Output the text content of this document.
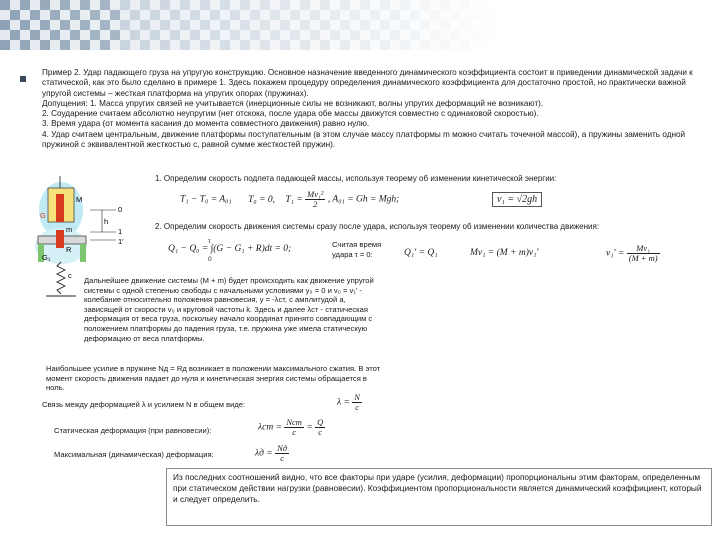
Пример 2. Удар падающего груза на упругую конструкцию. Основное назначение введенного динамического коэффициента состоит в приведении динамической задачи к статической, как это было сделано в примере 1. Здесь покажем процедуру определения динамического коэффициента для достаточно простой, но практически важной упругой системы – жесткая платформа на упругих опорах (пружинах).

Допущения: 1. Масса упругих связей не учитывается (инерционные силы не возникают, волны упругих деформаций не возникают).

2. Соударение считаем абсолютно неупругим (нет отскока, после удара обе массы движутся совместно с одинаковой скоростью).

3. Время удара (от момента касания до момента совместного движения) равно нулю.

4. Удар считаем центральным, движение платформы поступательным (в этом случае массу платформы m можно считать точечной массой), а пружины заменить одной пружиной с эквивалентной жесткостью c, равной сумме жесткостей пружин).

M
G
m
G₁
R
c
0
1
1′
h
1. Определим скорость подлета падающей массы, используя теорему об изменении кинетической энергии:
T₁ − T₀ = A₀₁ T₀ = 0, $T_1 = \frac{\text{Mv₁²}}{2}$ , A₀₁ = Gh = Mgh;	v₁ = √2gh
2. Определим скорость движения системы сразу после удара, используя теорему об изменении количества движения:
Q₁ − Q₀ = ∫(G − G₁ + R)dt = 0;
0
τ	Считая время удара τ = 0:	Q₁′ = Q₁	Mv₁ = (M + m)v₁′	$v_1' = \frac{\text{Mv₁}}{(M + m)}$
Дальнейшее движение системы (M + m) будет происходить как движение упругой системы с одной степенью свободы с начальными условиями y₀ = 0 и v₀ = v₁′ - колебание относительно положения равновесия, y = -λст, с амплитудой a, зависящей от скорости v₀ и круговой частоты k. Здесь и далее λст - статическая деформация от веса груза, поскольку начало координат принято совпадающим с положением платформы до падения груза, т.е. пружина уже имела статическую деформацию от веса платформы.
Наибольшее усилие в пружине Nд = Rд возникает в положении максимального сжатия. В этот момент скорость движения падает до нуля и кинетическая энергия системы обращается в ноль.
Связь между деформацией λ и усилием N в общем виде:	$\lambda = \frac{N}{c}$
Статическая деформация (при равновесии):	$\lambda ст = \frac{\text{Nст}}{c} = \frac{Q}{c}$
Максимальная (динамическая) деформация:	$\lambda д = \frac{Nд}{c}$
Из последних соотношений видно, что все факторы при ударе (усилия, деформации) пропорциональны этим факторам, определенным при статическом действии нагрузки (равновесии). Коэффициентом пропорциональности является динамический коэффициент, который и следует определить.
